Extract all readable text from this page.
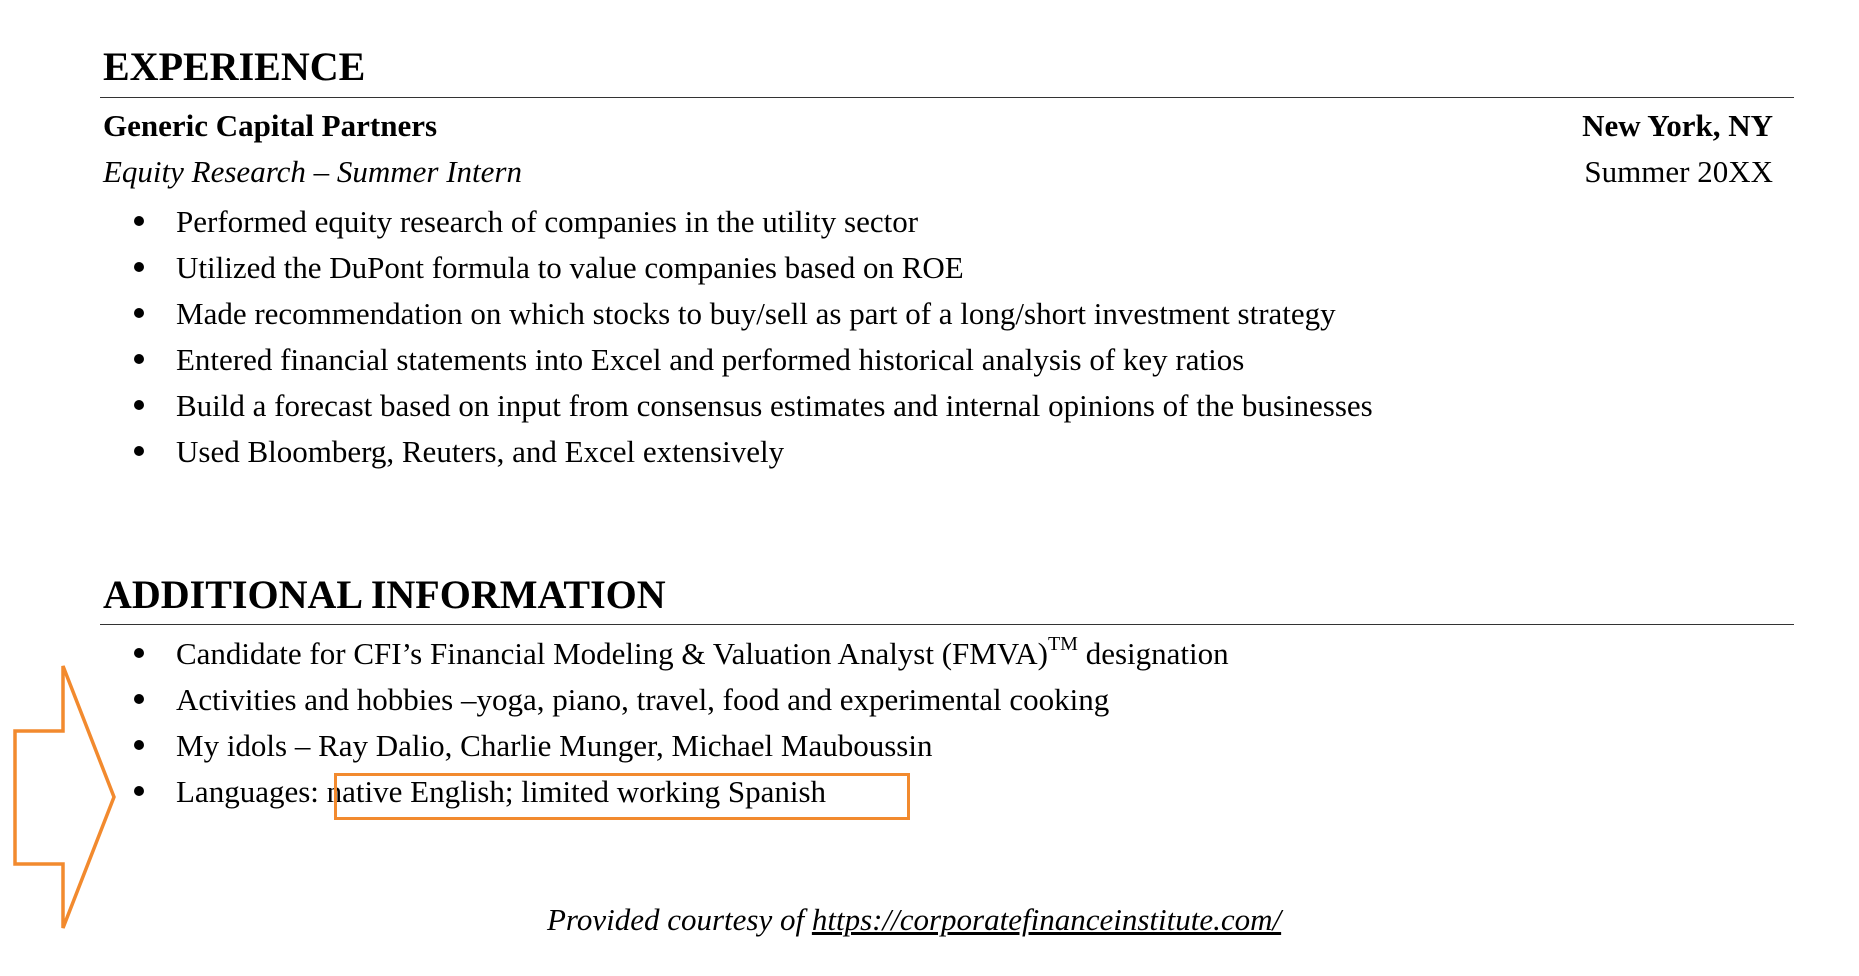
EXPERIENCE
Generic Capital Partners	New York, NY
Equity Research – Summer Intern	Summer 20XX
Performed equity research of companies in the utility sector
Utilized the DuPont formula to value companies based on ROE
Made recommendation on which stocks to buy/sell as part of a long/short investment strategy
Entered financial statements into Excel and performed historical analysis of key ratios
Build a forecast based on input from consensus estimates and internal opinions of the businesses
Used Bloomberg, Reuters, and Excel extensively
ADDITIONAL INFORMATION
Candidate for CFI’s Financial Modeling & Valuation Analyst (FMVA)™ designation
Activities and hobbies –yoga, piano, travel, food and experimental cooking
My idols – Ray Dalio, Charlie Munger, Michael Mauboussin
Languages: native English; limited working Spanish
Provided courtesy of https://corporatefinanceinstitute.com/
